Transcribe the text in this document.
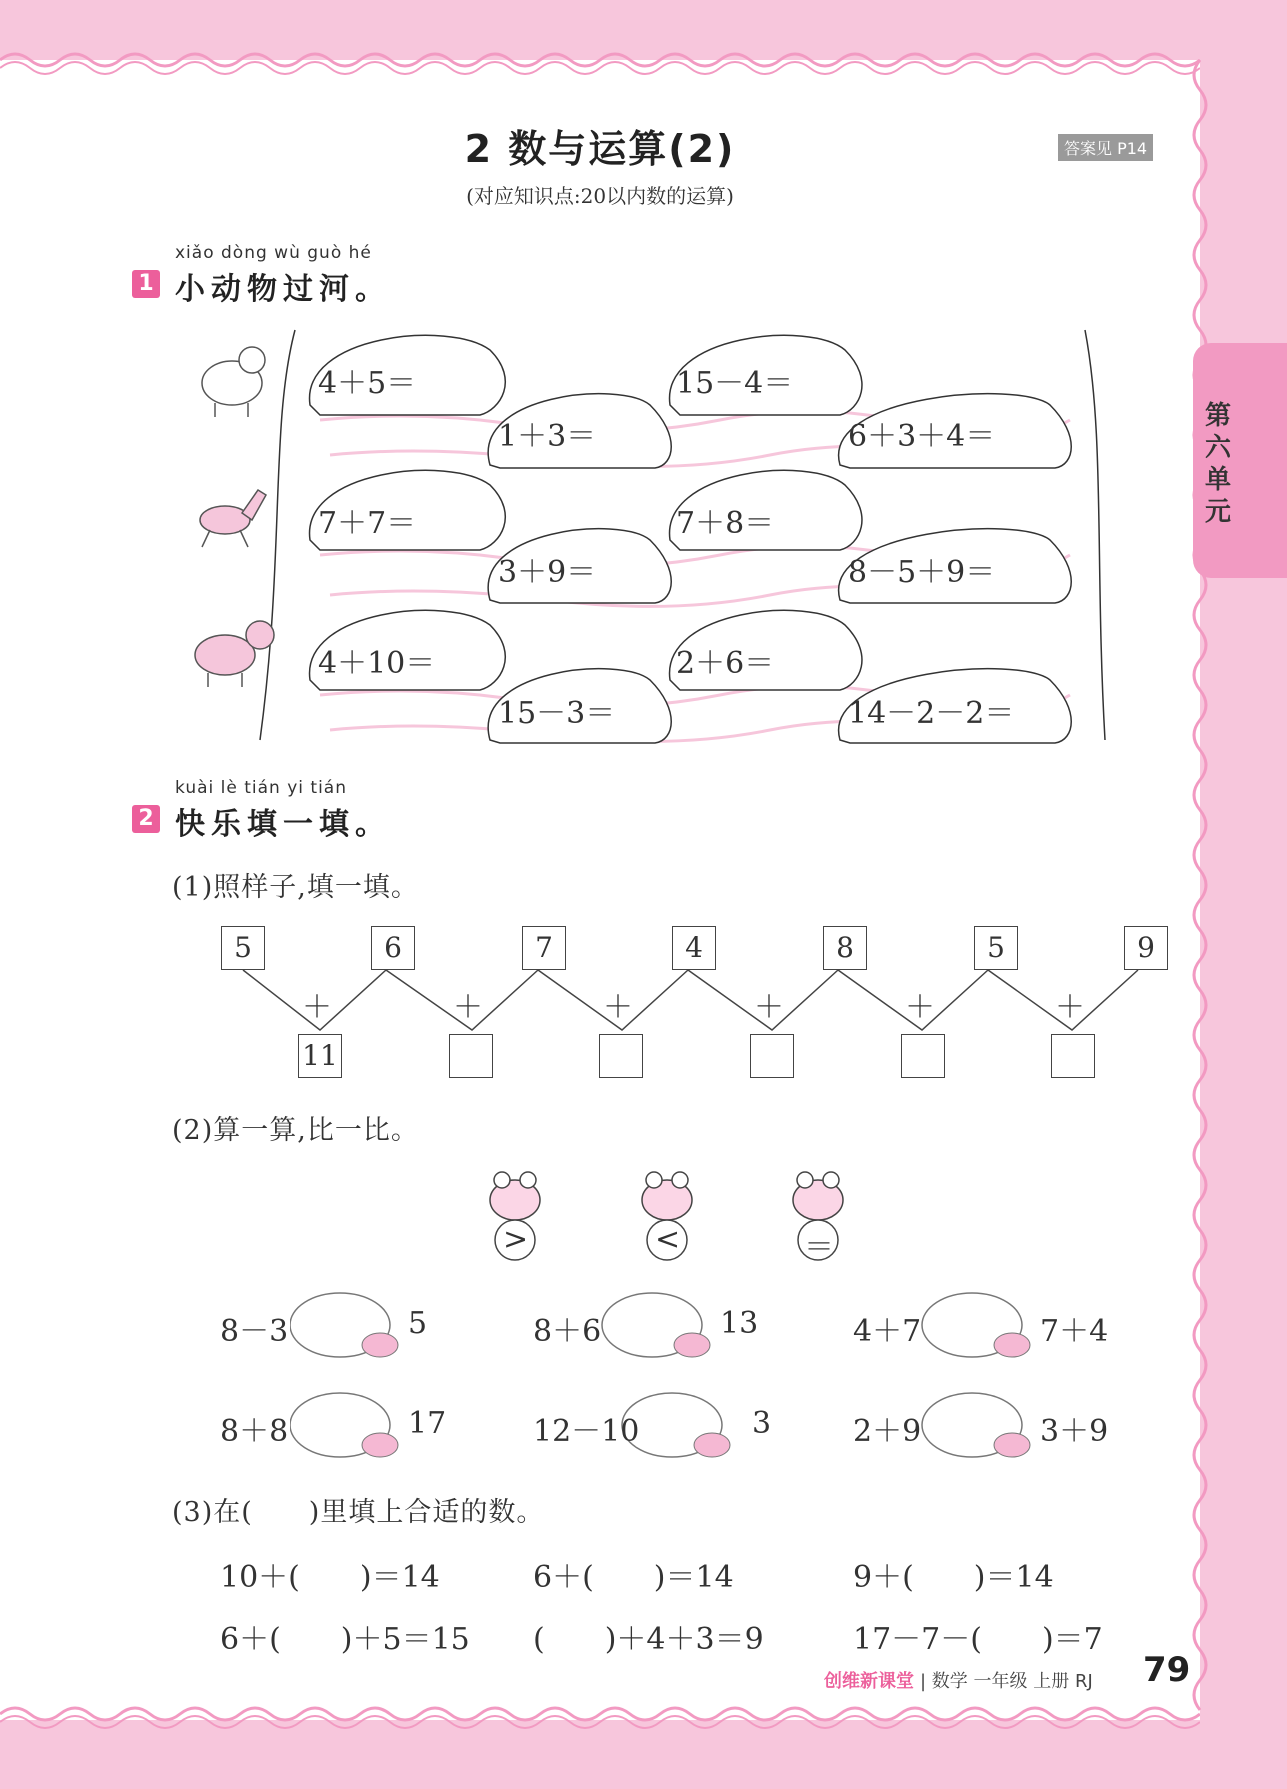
2 数与运算(2)	答案见 P14
(对应知识点:20以内数的运算)
第六单元
xiǎo dòng wù guò hé
1 小动物过河。
4＋5＝
1＋3＝
15－4＝
6＋3＋4＝
7＋7＝
3＋9＝
7＋8＝
8－5＋9＝
4＋10＝
15－3＝
2＋6＝
14－2－2＝
kuài lè tián yi tián
2 快乐填一填。
(1)照样子,填一填。
5	6	7	4	8	5	9
＋	＋	＋	＋	＋	＋
11
(2)算一算,比一比。
>	<	＝
8－3	5	8＋6	13	4＋7	7＋4
8＋8	17	12－10	3	2＋9	3＋9
(3)在(　　)里填上合适的数。
10＋(　　)＝14	6＋(　　)＝14	9＋(　　)＝14
6＋(　　)＋5＝15 (　　)＋4＋3＝9	17－7－(　　)＝7
创维新课堂 | 数学 一年级 上册 RJ 79
